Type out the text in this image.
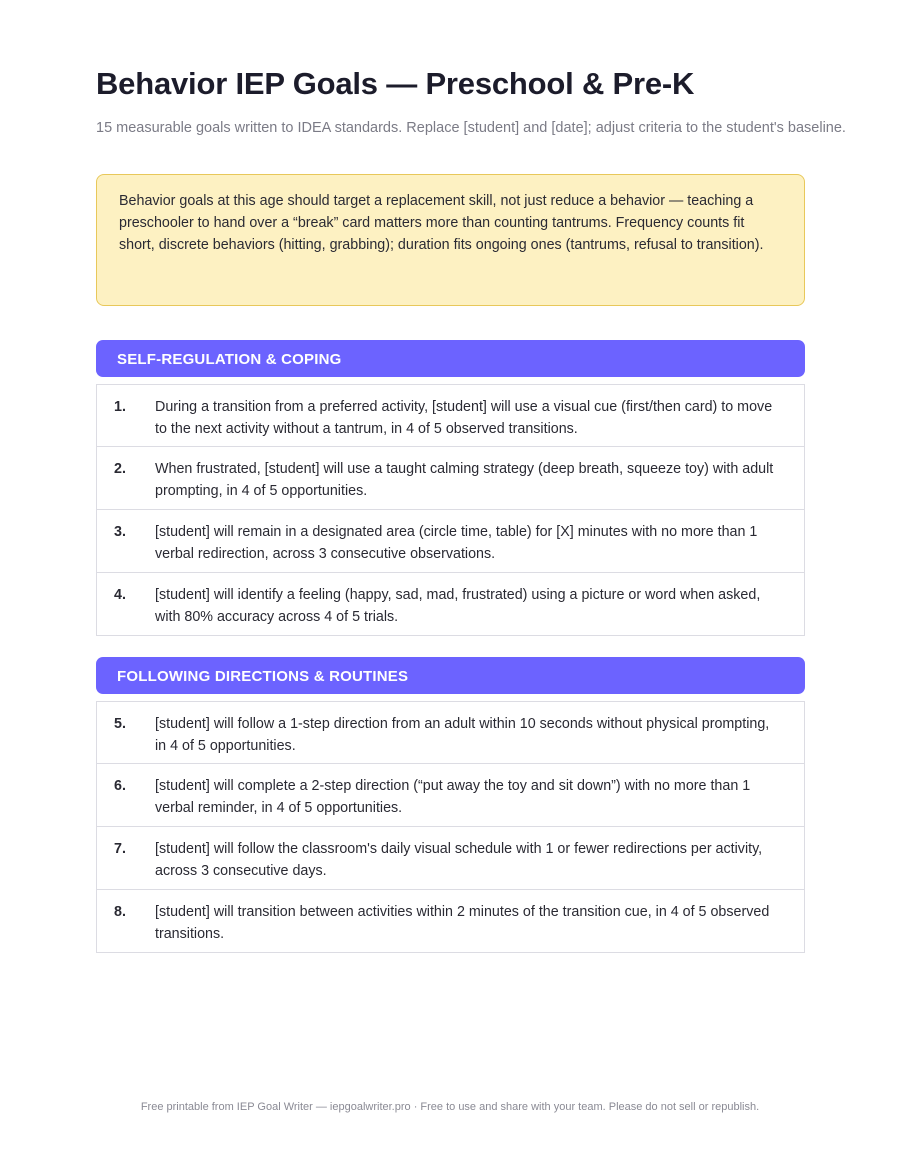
Behavior IEP Goals — Preschool & Pre-K
15 measurable goals written to IDEA standards. Replace [student] and [date]; adjust criteria to the student's baseline.
Behavior goals at this age should target a replacement skill, not just reduce a behavior — teaching a preschooler to hand over a “break” card matters more than counting tantrums. Frequency counts fit short, discrete behaviors (hitting, grabbing); duration fits ongoing ones (tantrums, refusal to transition).
SELF-REGULATION & COPING
1.	During a transition from a preferred activity, [student] will use a visual cue (first/then card) to move to the next activity without a tantrum, in 4 of 5 observed transitions.
2.	When frustrated, [student] will use a taught calming strategy (deep breath, squeeze toy) with adult prompting, in 4 of 5 opportunities.
3.	[student] will remain in a designated area (circle time, table) for [X] minutes with no more than 1 verbal redirection, across 3 consecutive observations.
4.	[student] will identify a feeling (happy, sad, mad, frustrated) using a picture or word when asked, with 80% accuracy across 4 of 5 trials.
FOLLOWING DIRECTIONS & ROUTINES
5.	[student] will follow a 1-step direction from an adult within 10 seconds without physical prompting, in 4 of 5 opportunities.
6.	[student] will complete a 2-step direction (“put away the toy and sit down”) with no more than 1 verbal reminder, in 4 of 5 opportunities.
7.	[student] will follow the classroom's daily visual schedule with 1 or fewer redirections per activity, across 3 consecutive days.
8.	[student] will transition between activities within 2 minutes of the transition cue, in 4 of 5 observed transitions.
Free printable from IEP Goal Writer — iepgoalwriter.pro · Free to use and share with your team. Please do not sell or republish.
